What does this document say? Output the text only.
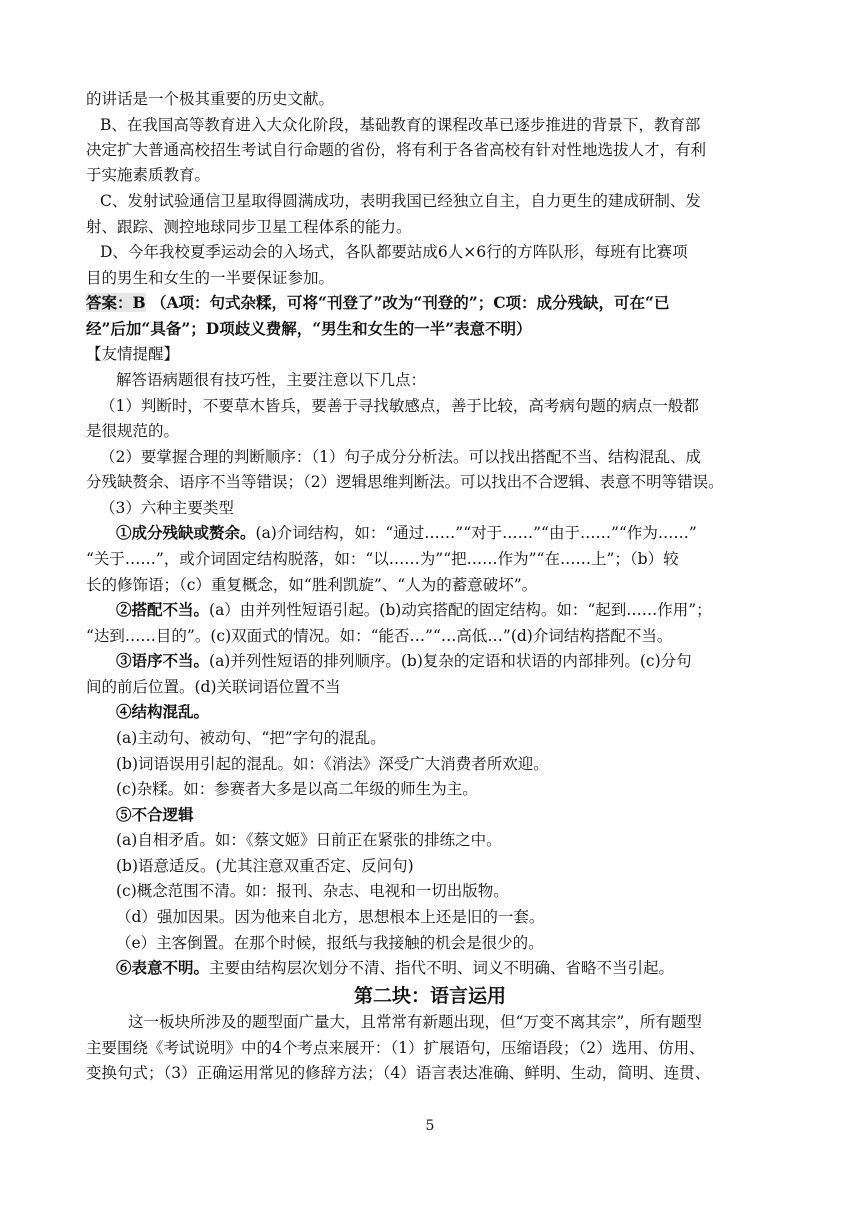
的讲话是一个极其重要的历史文献。
B、在我国高等教育进入大众化阶段，基础教育的课程改革已逐步推进的背景下，教育部
决定扩大普通高校招生考试自行命题的省份，将有利于各省高校有针对性地选拔人才，有利
于实施素质教育。
C、发射试验通信卫星取得圆满成功，表明我国已经独立自主，自力更生的建成研制、发
射、跟踪、测控地球同步卫星工程体系的能力。
D、今年我校夏季运动会的入场式，各队都要站成6人×6行的方阵队形，每班有比赛项
目的男生和女生的一半要保证参加。
答案：B （A项：句式杂糅，可将“刊登了”改为“刊登的”；C项：成分残缺，可在“已
经”后加“具备”；D项歧义费解，“男生和女生的一半”表意不明）
【友情提醒】
解答语病题很有技巧性，主要注意以下几点：
（1）判断时，不要草木皆兵，要善于寻找敏感点，善于比较，高考病句题的病点一般都
是很规范的。
（2）要掌握合理的判断顺序：（1）句子成分分析法。可以找出搭配不当、结构混乱、成
分残缺赘余、语序不当等错误；（2）逻辑思维判断法。可以找出不合逻辑、表意不明等错误。
（3）六种主要类型
①成分残缺或赘余。(a)介词结构，如：“通过……”“对于……”“由于……”“作为……”
“关于……”，或介词固定结构脱落，如：“以……为”“把……作为”“在……上”；（b）较
长的修饰语；（c）重复概念，如“胜利凯旋”、“人为的蓄意破坏”。
②搭配不当。(a）由并列性短语引起。(b)动宾搭配的固定结构。如：“起到……作用”；
“达到……目的”。(c)双面式的情况。如：“能否…”“…高低…”(d)介词结构搭配不当。
③语序不当。(a)并列性短语的排列顺序。(b)复杂的定语和状语的内部排列。(c)分句
间的前后位置。(d)关联词语位置不当
④结构混乱。
(a)主动句、被动句、“把”字句的混乱。
(b)词语误用引起的混乱。如：《消法》深受广大消费者所欢迎。
(c)杂糅。如：参赛者大多是以高二年级的师生为主。
⑤不合逻辑
(a)自相矛盾。如：《蔡文姬》日前正在紧张的排练之中。
(b)语意适反。(尤其注意双重否定、反问句)
(c)概念范围不清。如：报刊、杂志、电视和一切出版物。
（d）强加因果。因为他来自北方，思想根本上还是旧的一套。
（e）主客倒置。在那个时候，报纸与我接触的机会是很少的。
⑥表意不明。主要由结构层次划分不清、指代不明、词义不明确、省略不当引起。
第二块：语言运用
这一板块所涉及的题型面广量大，且常常有新题出现，但“万变不离其宗”，所有题型
主要围绕《考试说明》中的4个考点来展开：（1）扩展语句，压缩语段；（2）选用、仿用、
变换句式；（3）正确运用常见的修辞方法；（4）语言表达准确、鲜明、生动，简明、连贯、
5
